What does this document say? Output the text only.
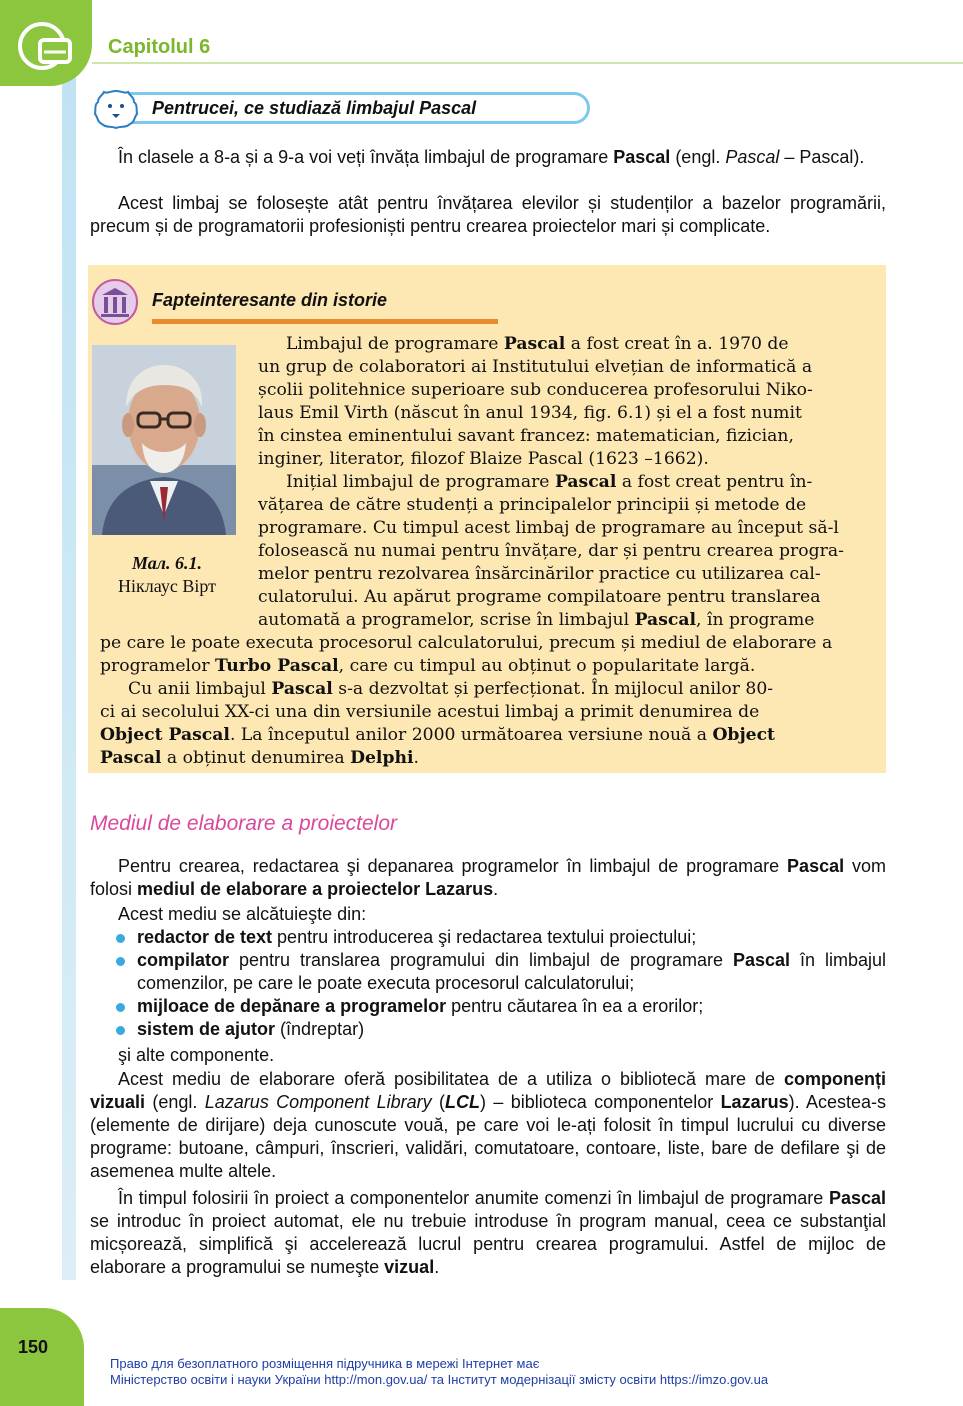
Capitolul 6
Pentrucei, ce studiază limbajul Pascal
În clasele a 8-a și a 9-a voi veți învăța limbajul de programare Pascal (engl. Pascal – Pascal).
Acest limbaj se folosește atât pentru învățarea elevilor și studenților a bazelor programării, precum și de programatorii profesioniști pentru crearea proiectelor mari și complicate.
Fapteinteresante din istorie
Мал. 6.1.
Ніклаус Вірт
Limbajul de programare Pascal a fost creat în a. 1970 de
un grup de colaboratori ai Institutului elvețian de informatică a
școlii politehnice superioare sub conducerea profesorului Niko-
laus Emil Virth (născut în anul 1934, fig. 6.1) și el a fost numit
în cinstea eminentului savant francez: matematician, fizician,
inginer, literator, filozof Blaize Pascal (1623 –1662).
Inițial limbajul de programare Pascal a fost creat pentru în-
vățarea de către studenți a principalelor principii și metode de
programare. Cu timpul acest limbaj de programare au început să-l
folosească nu numai pentru învățare, dar și pentru crearea progra-
melor pentru rezolvarea însărcinărilor practice cu utilizarea cal-
culatorului. Au apărut programe compilatoare pentru translarea
automată a programelor, scrise în limbajul Pascal, în programe
pe care le poate executa procesorul calculatorului, precum și mediul de elaborare a
programelor Turbo Pascal, care cu timpul au obținut o popularitate largă.
Cu anii limbajul Pascal s-a dezvoltat și perfecționat. În mijlocul anilor 80-
ci ai secolului XX-ci una din versiunile acestui limbaj a primit denumirea de
Object Pascal. La începutul anilor 2000 următoarea versiune nouă a Object
Pascal a obținut denumirea Delphi.
Mediul de elaborare a proiectelor
Pentru crearea, redactarea şi depanarea programelor în limbajul de programare Pascal vom folosi mediul de elaborare a proiectelor Lazarus.
Acest mediu se alcătuieşte din:
redactor de text pentru introducerea şi redactarea textului proiectului;
compilator pentru translarea programului din limbajul de programare Pascal în limbajul comenzilor, pe care le poate executa procesorul calculatorului;
mijloace de depănare a programelor pentru căutarea în ea a erorilor;
sistem de ajutor (îndreptar)
şi alte componente.
Acest mediu de elaborare oferă posibilitatea de a utiliza o bibliotecă mare de componenți vizuali (engl. Lazarus Component Library (LCL) – biblioteca componentelor Lazarus). Acestea-s (elemente de dirijare) deja cunoscute vouă, pe care voi le-ați folosit în timpul lucrului cu diverse programe: butoane, câmpuri, înscrieri, validări, comutatoare, contoare, liste, bare de defilare şi de asemenea multe altele.
În timpul folosirii în proiect a componentelor anumite comenzi în limbajul de programare Pascal se introduc în proiect automat, ele nu trebuie introduse în program manual, ceea ce substanţial micșorează, simplifică şi accelerează lucrul pentru crearea programului. Astfel de mijloc de elaborare a programului se numeşte vizual.
150
Право для безоплатного розміщення підручника в мережі Інтернет має
Міністерство освіти і науки України http://mon.gov.ua/ та Інститут модернізації змісту освіти https://imzo.gov.ua
